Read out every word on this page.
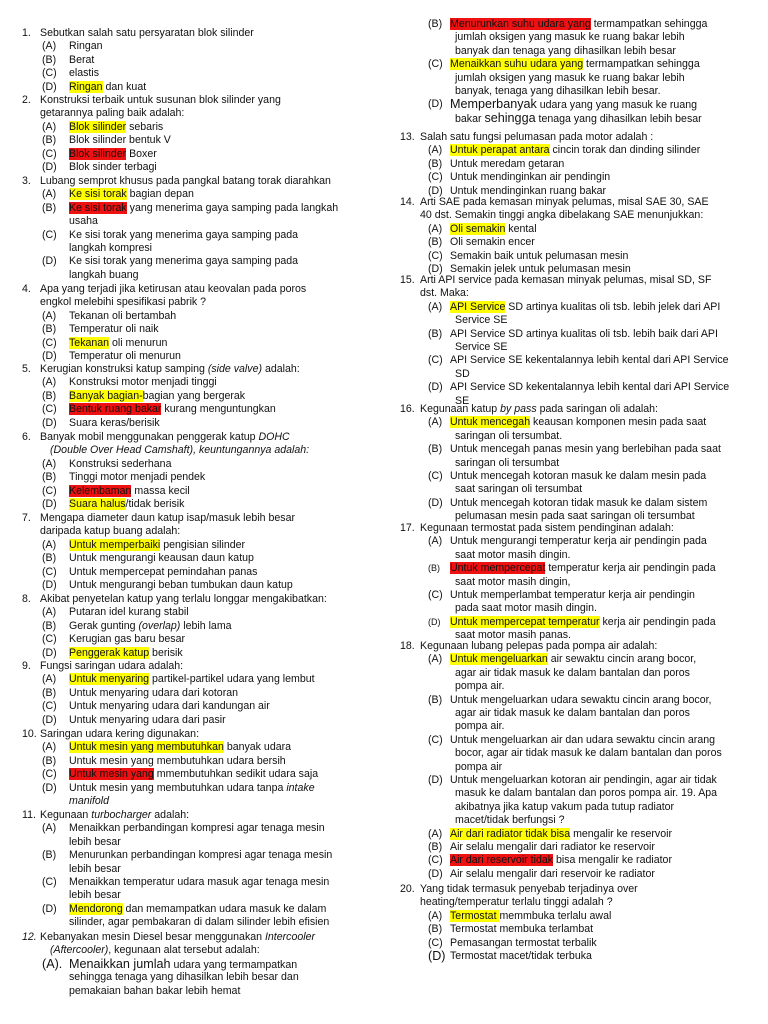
1. Sebutkan salah satu persyaratan blok silinder
(A) Ringan
(B) Berat
(C) elastis
(D) Ringan dan kuat
2. Konstruksi terbaik untuk susunan blok silinder yang
getarannya paling baik adalah:
(A) Blok silinder sebaris
(B) Blok silinder bentuk V
(C) Blok silinder Boxer
(D) Blok sinder terbagi
3. Lubang semprot khusus pada pangkal batang torak diarahkan
(A) Ke sisi torak bagian depan
(B) Ke sisi torak yang menerima gaya samping pada langkah
usaha
(C) Ke sisi torak yang menerima gaya samping pada
langkah kompresi
(D) Ke sisi torak yang menerima gaya samping pada
langkah buang
4. Apa yang terjadi jika ketirusan atau keovalan pada poros
engkol melebihi spesifikasi pabrik ?
(A) Tekanan oli bertambah
(B) Temperatur oli naik
(C) Tekanan oli menurun
(D) Temperatur oli menurun
5. Kerugian konstruksi katup samping (side valve) adalah:
(A) Konstruksi motor menjadi tinggi
(B) Banyak bagian-bagian yang bergerak
(C) Bentuk ruang bakar kurang menguntungkan
(D) Suara keras/berisik
6. Banyak mobil menggunakan penggerak katup DOHC
(Double Over Head Camshaft), keuntungannya adalah:
(A) Konstruksi sederhana
(B) Tinggi motor menjadi pendek
(C) Kelembaman massa kecil
(D) Suara halus/tidak berisik
7. Mengapa diameter daun katup isap/masuk lebih besar
daripada katup buang adalah:
(A) Untuk memperbaiki pengisian silinder
(B) Untuk mengurangi keausan daun katup
(C) Untuk mempercepat pemindahan panas
(D) Untuk mengurangi beban tumbukan daun katup
8. Akibat penyetelan katup yang terlalu longgar mengakibatkan:
(A) Putaran idel kurang stabil
(B) Gerak gunting (overlap) lebih lama
(C) Kerugian gas baru besar
(D) Penggerak katup berisik
9. Fungsi saringan udara adalah:
(A) Untuk menyaring partikel-partikel udara yang lembut
(B) Untuk menyaring udara dari kotoran
(C) Untuk menyaring udara dari kandungan air
(D) Untuk menyaring udara dari pasir
10. Saringan udara kering digunakan:
(A) Untuk mesin yang membutuhkan banyak udara
(B) Untuk mesin yang membutuhkan udara bersih
(C) Untuk mesin yang mmembutuhkan sedikit udara saja
(D) Untuk mesin yang membutuhkan udara tanpa intake
manifold
11. Kegunaan turbocharger adalah:
(A) Menaikkan perbandingan kompresi agar tenaga mesin
lebih besar
(B) Menurunkan perbandingan kompresi agar tenaga mesin
lebih besar
(C) Menaikkan temperatur udara masuk agar tenaga mesin
lebih besar
(D) Mendorong dan memampatkan udara masuk ke dalam
silinder, agar pembakaran di dalam silinder lebih efisien
12. Kebanyakan mesin Diesel besar menggunakan Intercooler
(Aftercooler), kegunaan alat tersebut adalah:
(A). Menaikkan jumlah udara yang termampatkan
sehingga tenaga yang dihasilkan lebih besar dan
pemakaian bahan bakar lebih hemat
(B) Menurunkan suhu udara yang termampatkan sehingga
jumlah oksigen yang masuk ke ruang bakar lebih
banyak dan tenaga yang dihasilkan lebih besar
(C) Menaikkan suhu udara yang termampatkan sehingga
jumlah oksigen yang masuk ke ruang bakar lebih
banyak, tenaga yang dihasilkan lebih besar.
(D) Memperbanyak udara yang yang masuk ke ruang
bakar sehingga tenaga yang dihasilkan lebih besar
13. Salah satu fungsi pelumasan pada motor adalah :
(A) Untuk perapat antara cincin torak dan dinding silinder
(B) Untuk meredam getaran
(C) Untuk mendinginkan air pendingin
(D) Untuk mendinginkan ruang bakar
14. Arti SAE pada kemasan minyak pelumas, misal SAE 30, SAE
40 dst. Semakin tinggi angka dibelakang SAE menunjukkan:
(A) Oli semakin kental
(B) Oli semakin encer
(C) Semakin baik untuk pelumasan mesin
(D) Semakin jelek untuk pelumasan mesin
15. Arti API service pada kemasan minyak pelumas, misal SD, SF
dst. Maka:
(A) API Service SD artinya kualitas oli tsb. lebih jelek dari API
Service SE
(B) API Service SD artinya kualitas oli tsb. lebih baik dari API
Service SE
(C) API Service SE kekentalannya lebih kental dari API Service
SD
(D) API Service SD kekentalannya lebih kental dari API Service
SE
16. Kegunaan katup by pass pada saringan oli adalah:
(A) Untuk mencegah keausan komponen mesin pada saat
saringan oli tersumbat.
(B) Untuk mencegah panas mesin yang berlebihan pada saat
saringan oli tersumbat
(C) Untuk mencegah kotoran masuk ke dalam mesin pada
saat saringan oli tersumbat
(D) Untuk mencegah kotoran tidak masuk ke dalam sistem
pelumasan mesin pada saat saringan oli tersumbat
17. Kegunaan termostat pada sistem pendinginan adalah:
(A) Untuk mengurangi temperatur kerja air pendingin pada
saat motor masih dingin.
(B) Untuk mempercepat temperatur kerja air pendingin pada
saat motor masih dingin,
(C) Untuk memperlambat temperatur kerja air pendingin
pada saat motor masih dingin.
(D) Untuk mempercepat temperatur kerja air pendingin pada
saat motor masih panas.
18. Kegunaan lubang pelepas pada pompa air adalah:
(A) Untuk mengeluarkan air sewaktu cincin arang bocor,
agar air tidak masuk ke dalam bantalan dan poros
pompa air.
(B) Untuk mengeluarkan udara sewaktu cincin arang bocor,
agar air tidak masuk ke dalam bantalan dan poros
pompa air.
(C) Untuk mengeluarkan air dan udara sewaktu cincin arang
bocor, agar air tidak masuk ke dalam bantalan dan poros
pompa air
(D) Untuk mengeluarkan kotoran air pendingin, agar air tidak
masuk ke dalam bantalan dan poros pompa air. 19. Apa
akibatnya jika katup vakum pada tutup radiator
macet/tidak berfungsi ?
(A) Air dari radiator tidak bisa mengalir ke reservoir
(B) Air selalu mengalir dari radiator ke reservoir
(C) Air dari reservoir tidak bisa mengalir ke radiator
(D) Air selalu mengalir dari reservoir ke radiator
20. Yang tidak termasuk penyebab terjadinya over
heating/temperatur terlalu tinggi adalah ?
(A) Termostat memmbuka terlalu awal
(B) Termostat membuka terlambat
(C) Pemasangan termostat terbalik
(D) Termostat macet/tidak terbuka
